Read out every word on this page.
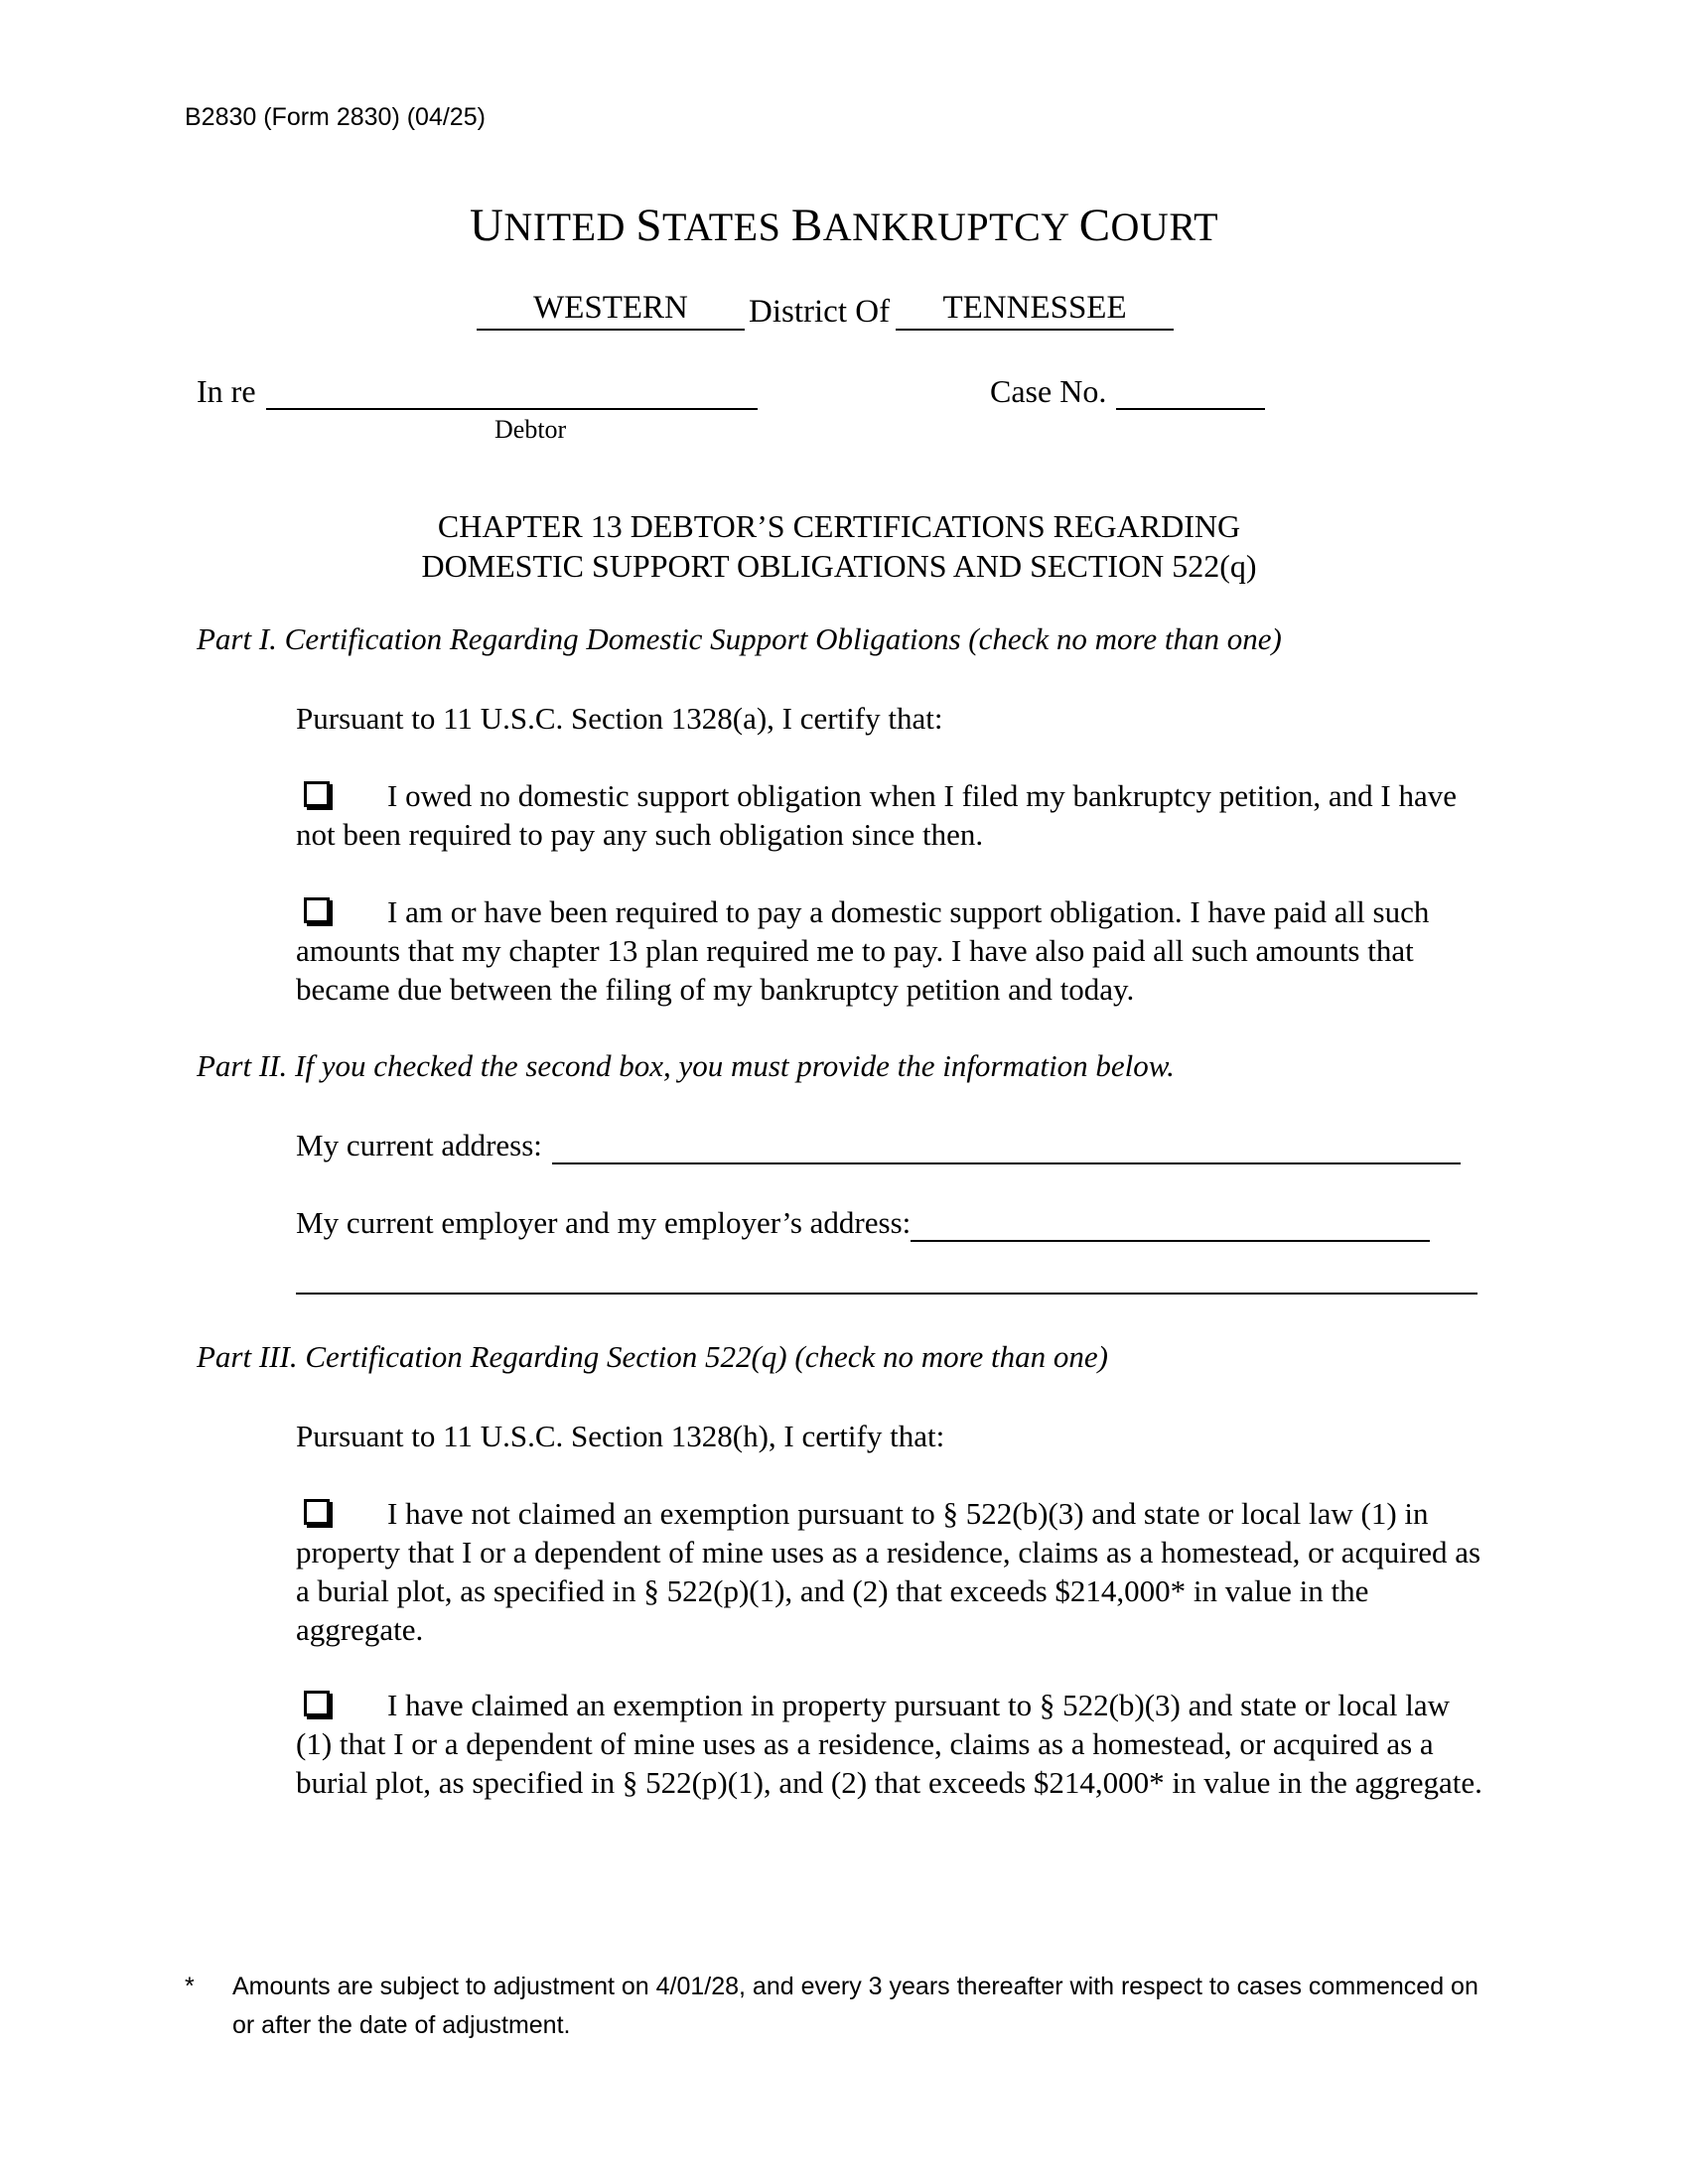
B2830 (Form 2830) (04/25)
UNITED STATES BANKRUPTCY COURT
WESTERN	District Of	TENNESSEE
In re
Debtor
Case No.
CHAPTER 13 DEBTOR’S CERTIFICATIONS REGARDING
DOMESTIC SUPPORT OBLIGATIONS AND SECTION 522(q)
Part I. Certification Regarding Domestic Support Obligations (check no more than one)
Pursuant to 11 U.S.C. Section 1328(a), I certify that:
I owed no domestic support obligation when I filed my bankruptcy petition, and I have not been required to pay any such obligation since then.
I am or have been required to pay a domestic support obligation. I have paid all such amounts that my chapter 13 plan required me to pay. I have also paid all such amounts that became due between the filing of my bankruptcy petition and today.
Part II. If you checked the second box, you must provide the information below.
My current address:
My current employer and my employer’s address:
Part III. Certification Regarding Section 522(q) (check no more than one)
Pursuant to 11 U.S.C. Section 1328(h), I certify that:
I have not claimed an exemption pursuant to § 522(b)(3) and state or local law (1) in property that I or a dependent of mine uses as a residence, claims as a homestead, or acquired as a burial plot, as specified in § 522(p)(1), and (2) that exceeds $214,000* in value in the aggregate.
I have claimed an exemption in property pursuant to § 522(b)(3) and state or local law (1) that I or a dependent of mine uses as a residence, claims as a homestead, or acquired as a burial plot, as specified in § 522(p)(1), and (2) that exceeds $214,000* in value in the aggregate.
* Amounts are subject to adjustment on 4/01/28, and every 3 years thereafter with respect to cases commenced on or after the date of adjustment.
